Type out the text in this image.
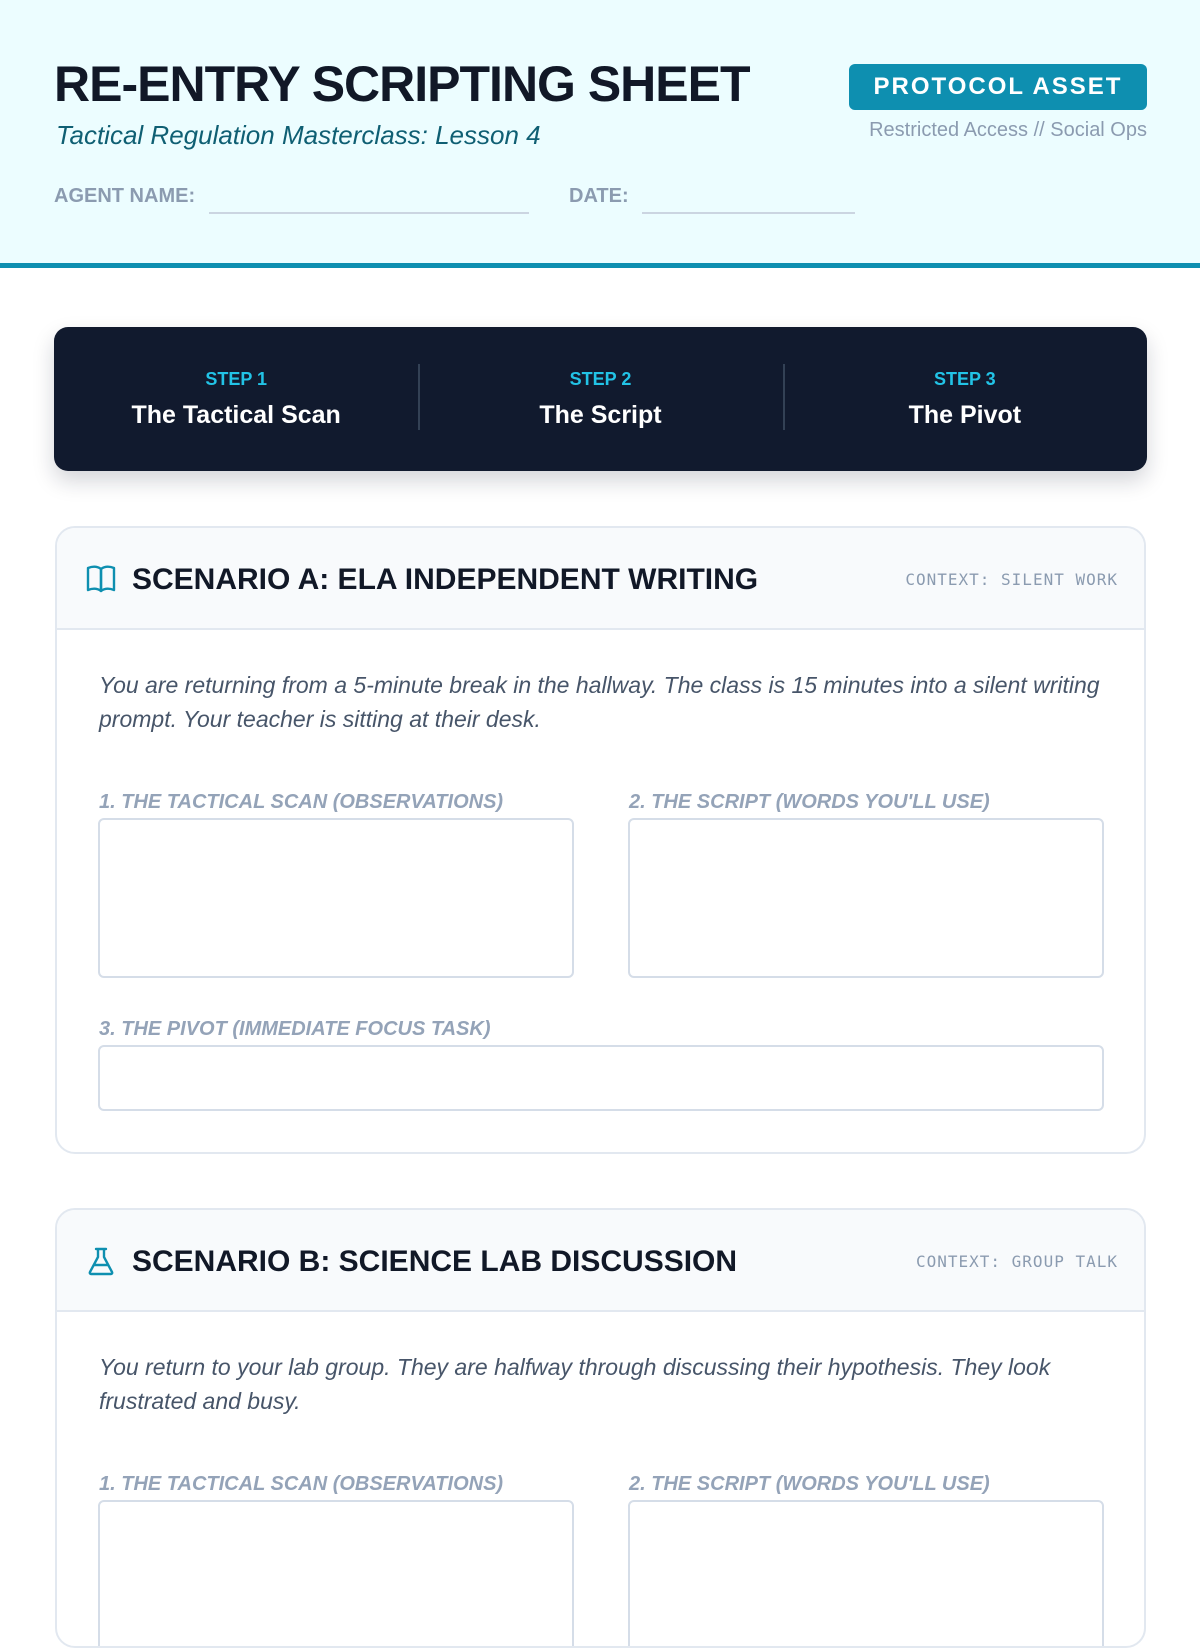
RE-ENTRY SCRIPTING SHEET
Tactical Regulation Masterclass: Lesson 4
PROTOCOL ASSET
Restricted Access // Social Ops
AGENT NAME:	DATE:
STEP 1
The Tactical Scan
STEP 2
The Script
STEP 3
The Pivot
SCENARIO A: ELA INDEPENDENT WRITING	CONTEXT: SILENT WORK

You are returning from a 5-minute break in the hallway. The class is 15 minutes into a silent writing prompt. Your teacher is sitting at their desk.

1. THE TACTICAL SCAN (OBSERVATIONS)	2. THE SCRIPT (WORDS YOU'LL USE)
3. THE PIVOT (IMMEDIATE FOCUS TASK)
SCENARIO B: SCIENCE LAB DISCUSSION	CONTEXT: GROUP TALK

You return to your lab group. They are halfway through discussing their hypothesis. They look frustrated and busy.

1. THE TACTICAL SCAN (OBSERVATIONS)	2. THE SCRIPT (WORDS YOU'LL USE)
